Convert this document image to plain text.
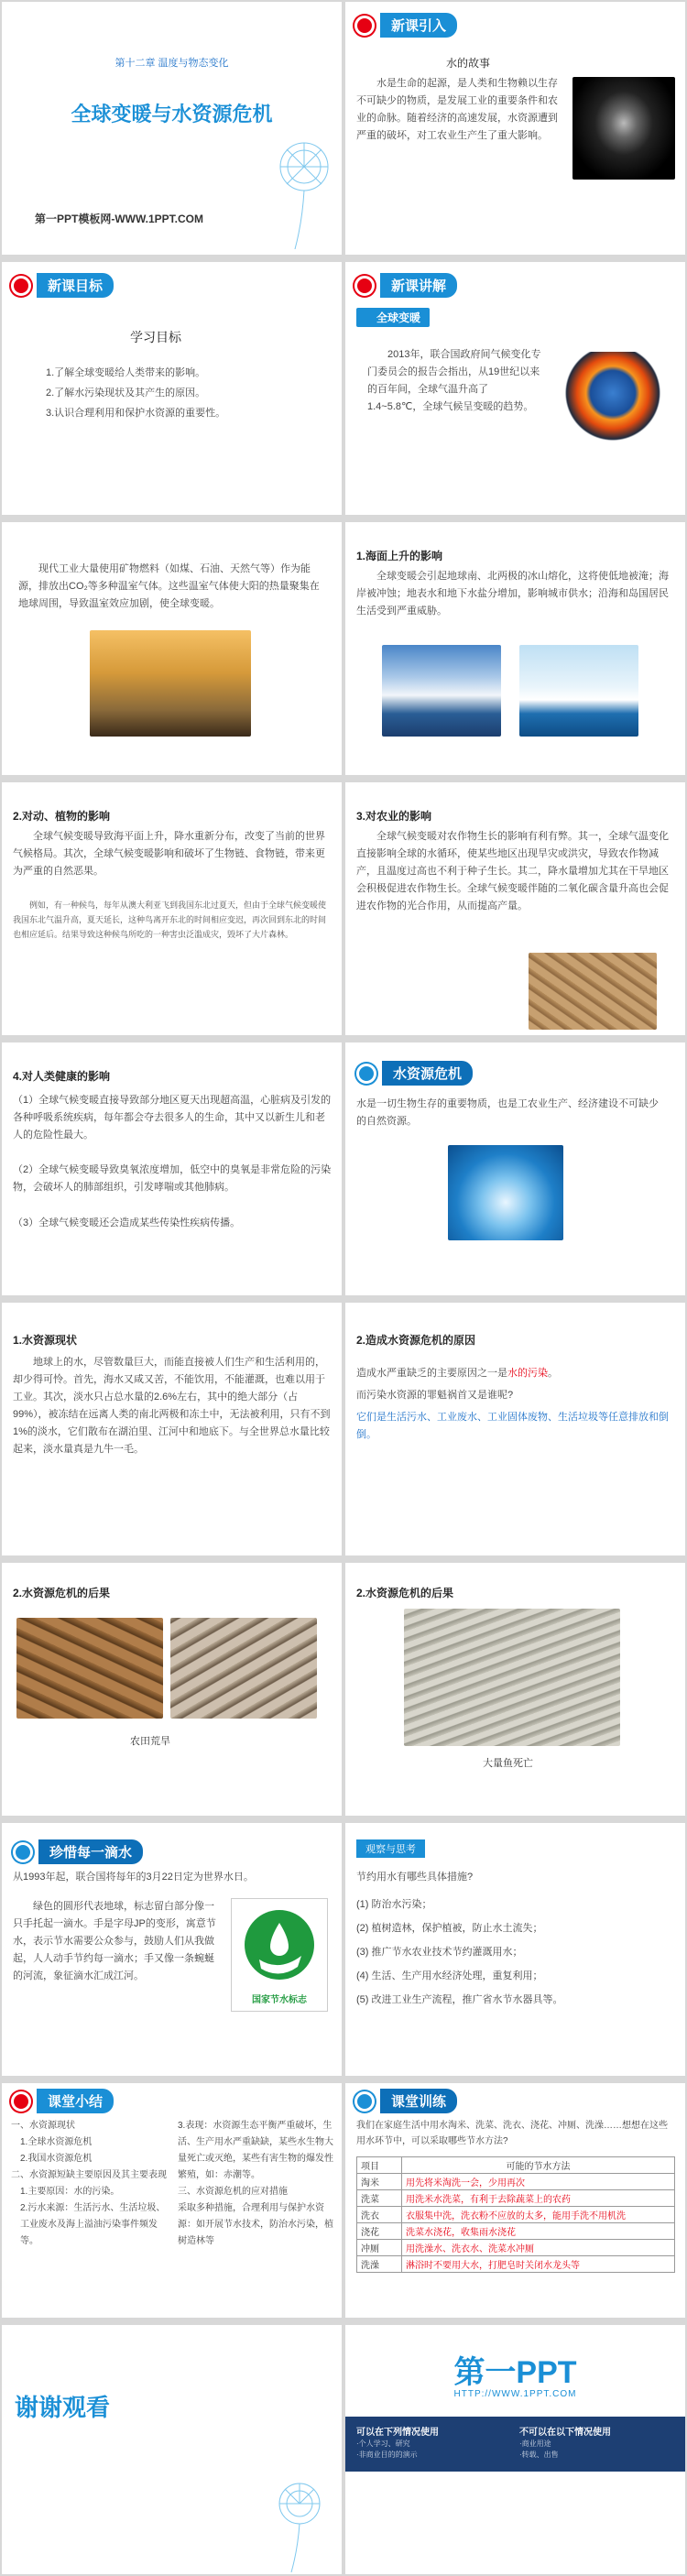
第十二章 温度与物态变化
全球变暖与水资源危机
第一PPT模板网-WWW.1PPT.COM
新课引入
水的故事
水是生命的起源，是人类和生物赖以生存不可缺少的物质，是发展工业的重要条件和农业的命脉。随着经济的高速发展，水资源遭到严重的破坏，对工农业生产生了重大影响。
新课目标
学习目标
1.了解全球变暖给人类带来的影响。
2.了解水污染现状及其产生的原因。
3.认识合理利用和保护水资源的重要性。
新课讲解
全球变暖
2013年，联合国政府间气候变化专门委员会的报告会指出，从19世纪以来的百年间，全球气温升高了1.4~5.8℃，全球气候呈变暖的趋势。
现代工业大量使用矿物燃料（如煤、石油、天然气等）作为能源，排放出CO₂等多种温室气体。这些温室气体使大阳的热量聚集在地球周围，导致温室效应加剧，使全球变暖。
1.海面上升的影响
全球变暖会引起地球南、北两极的冰山熔化，这将使低地被淹；海岸被冲蚀；地表水和地下水盐分增加，影响城市供水；沿海和岛国居民生活受到严重威胁。
2.对动、植物的影响
全球气候变暖导致海平面上升，降水重新分布，改变了当前的世界气候格局。其次，全球气候变暖影响和破坏了生物链、食物链，带来更为严重的自然恶果。
例如，有一种候鸟，每年从澳大利亚飞到我国东北过夏天，但由于全球气候变暖使我国东北气温升高，夏天延长，这种鸟离开东北的时间相应变迟，再次回到东北的时间也相应延后。结果导致这种候鸟所吃的一种害虫泛滥成灾，毁坏了大片森林。
3.对农业的影响
全球气候变暖对农作物生长的影响有利有弊。其一，全球气温变化直接影响全球的水循环，使某些地区出现旱灾或洪灾，导致农作物减产，且温度过高也不利于种子生长。其二，降水量增加尤其在干旱地区会积极促进农作物生长。全球气候变暖伴随的二氧化碳含量升高也会促进农作物的光合作用，从而提高产量。
4.对人类健康的影响
（1）全球气候变暖直接导致部分地区夏天出现超高温，心脏病及引发的各种呼吸系统疾病，每年都会夺去很多人的生命，其中又以新生儿和老人的危险性最大。
（2）全球气候变暖导致臭氧浓度增加，低空中的臭氧是非常危险的污染物，会破坏人的肺部组织，引发哮喘或其他肺病。
（3）全球气候变暖还会造成某些传染性疾病传播。
水资源危机
水是一切生物生存的重要物质，也是工农业生产、经济建设不可缺少的自然资源。
1.水资源现状
地球上的水，尽管数量巨大，而能直接被人们生产和生活利用的，却少得可怜。首先，海水又咸又苦，不能饮用，不能灌溉，也难以用于工业。其次，淡水只占总水量的2.6%左右，其中的绝大部分（占99%），被冻结在远离人类的南北两极和冻土中，无法被利用，只有不到1%的淡水，它们散布在湖泊里、江河中和地底下。与全世界总水量比较起来，淡水量真是九牛一毛。
2.造成水资源危机的原因
造成水严重缺乏的主要原因之一是水的污染。
而污染水资源的罪魁祸首又是谁呢?
它们是生活污水、工业废水、工业固体废物、生活垃圾等任意排放和倒倒。
2.水资源危机的后果
农田荒旱
2.水资源危机的后果
大量鱼死亡
珍惜每一滴水
从1993年起，联合国将每年的3月22日定为世界水日。
绿色的圆形代表地球，标志留白部分像一只手托起一滴水。手是字母JP的变形，寓意节水，表示节水需要公众参与，鼓励人们从我做起，人人动手节约每一滴水；手又像一条蜿蜒的河流，象征滴水汇成江河。
国家节水标志
观察与思考
节约用水有哪些具体措施?
(1) 防治水污染；
(2) 植树造林，保护植被，防止水土流失；
(3) 推广节水农业技术节约灌溉用水；
(4) 生活、生产用水经济处理，重复利用；
(5) 改进工业生产流程，推广省水节水器具等。
课堂小结
一、水资源现状
1.全球水资源危机
2.我国水资源危机
二、水资源短缺主要原因及其主要表现
1.主要原因：水的污染。
2.污水来源：生活污水、生活垃圾、工业废水及海上溢油污染事件频发等。
3.表现：水资源生态平衡严重破坏，生活、生产用水严重缺缺，某些水生物大量死亡或灭绝，某些有害生物的爆发性繁殖，如：赤潮等。
三、水资源危机的应对措施
采取多种措施，合理利用与保护水资源：如开展节水技术，防治水污染，植树造林等
课堂训练
我们在家庭生活中用水淘米、洗菜、洗衣、浇花、冲厕、洗澡……想想在这些用水环节中，可以采取哪些节水方法?
项目	可能的节水方法
淘米	用先将米淘洗一会，少用再次
洗菜	用洗米水洗菜，有利于去除蔬菜上的农药
洗衣	衣服集中洗，洗衣粉不应放的太多，能用手洗不用机洗
浇花	洗菜水浇花，收集雨水浇花
冲厕	用洗澡水、洗衣水、洗菜水冲厕
洗澡	淋浴时不要用大水，打肥皂时关闭水龙头等
谢谢观看
第一PPT
HTTP://WWW.1PPT.COM
可以在下列情况使用	不可以在以下情况使用
·个人学习、研究
·非商业目的的演示
·商业用途
·转载、出售
